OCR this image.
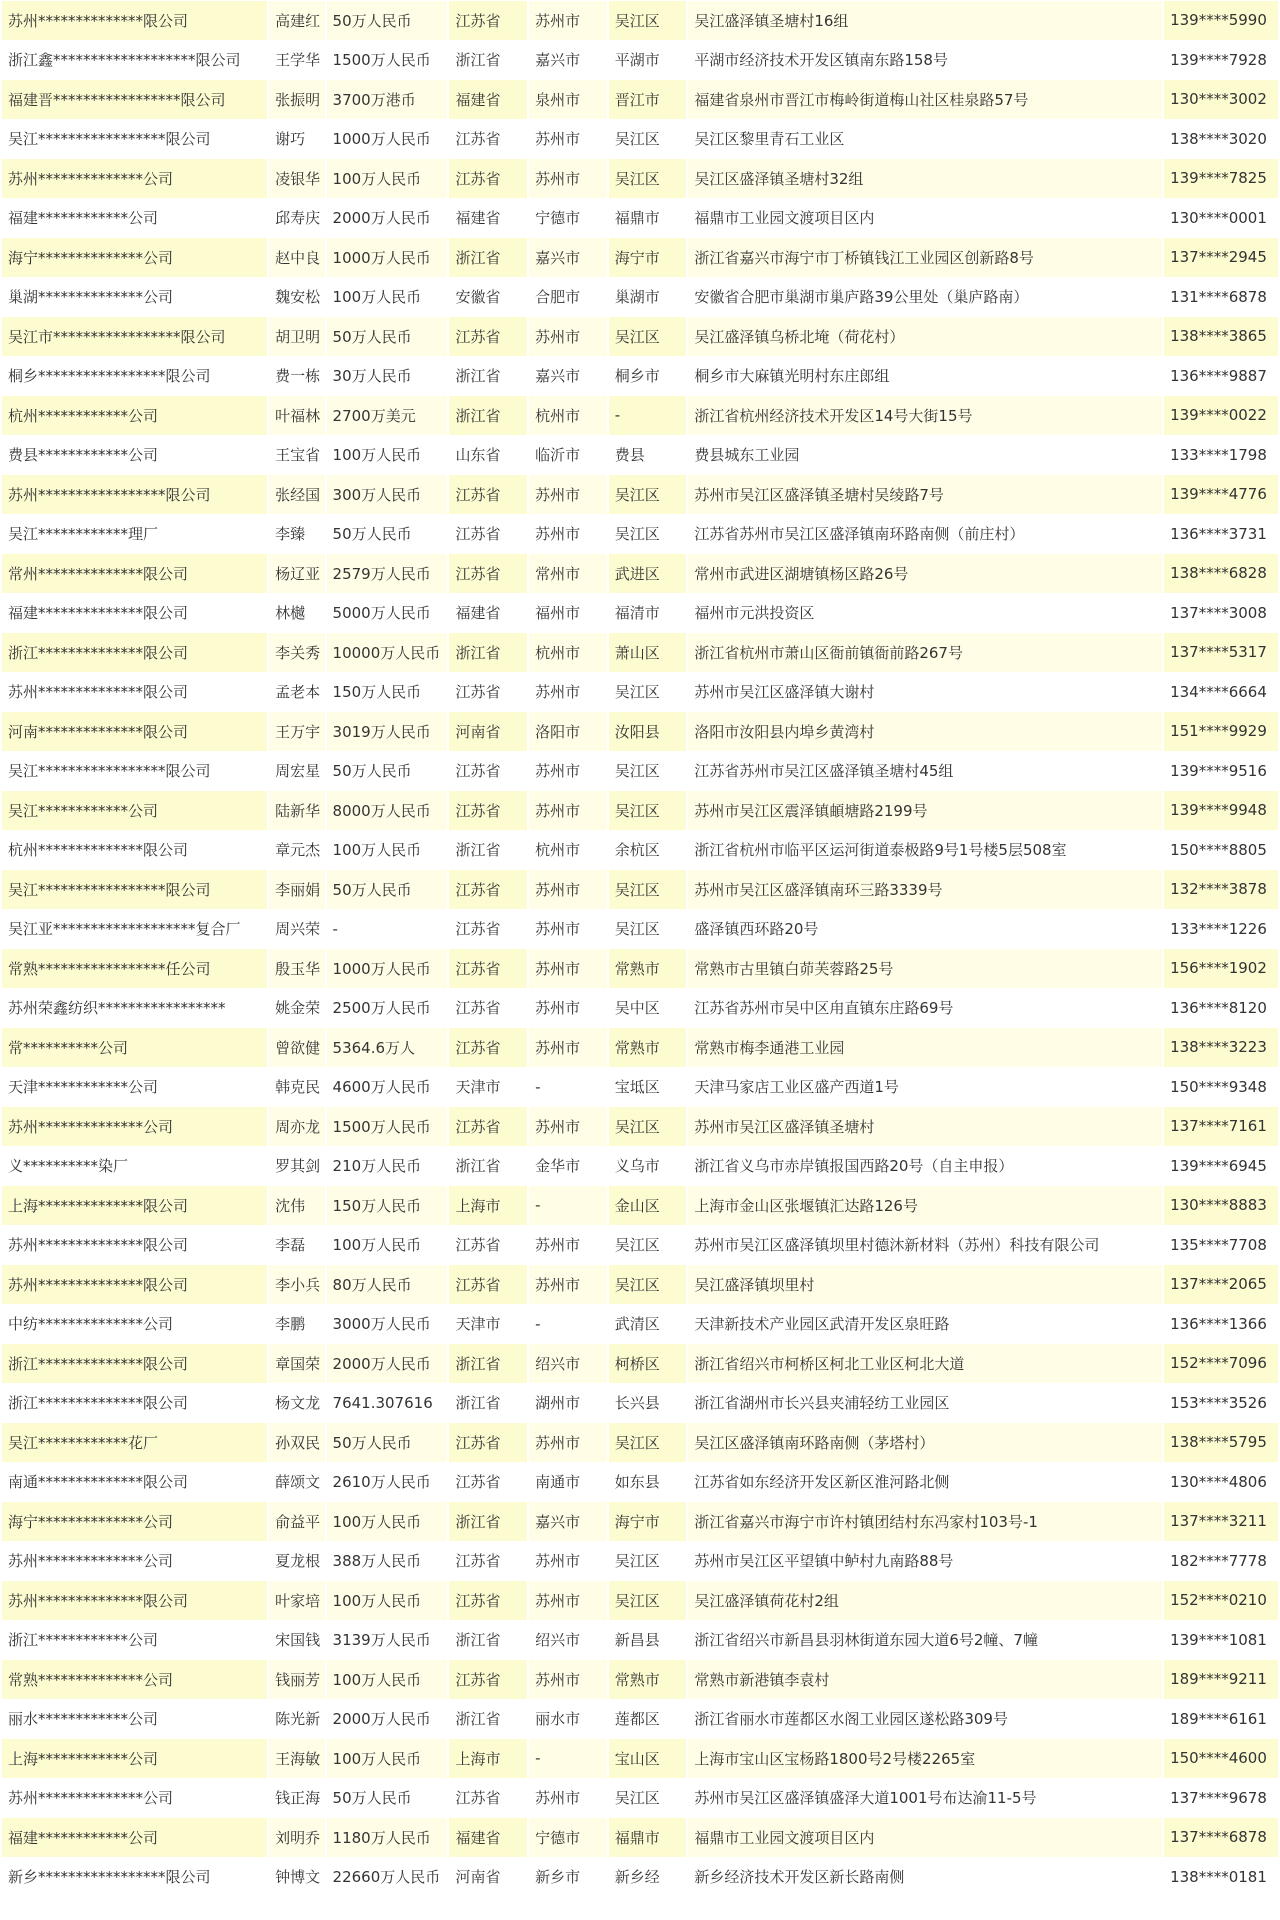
苏州**************限公司	高建红	50万人民币	江苏省	苏州市	吴江区	吴江盛泽镇圣塘村16组	139****5990
浙江鑫*******************限公司	王学华	1500万人民币	浙江省	嘉兴市	平湖市	平湖市经济技术开发区镇南东路158号	139****7928
福建晋*****************限公司	张振明	3700万港币	福建省	泉州市	晋江市	福建省泉州市晋江市梅岭街道梅山社区桂泉路57号	130****3002
吴江*****************限公司	谢巧	1000万人民币	江苏省	苏州市	吴江区	吴江区黎里青石工业区	138****3020
苏州**************公司	凌银华	100万人民币	江苏省	苏州市	吴江区	吴江区盛泽镇圣塘村32组	139****7825
福建************公司	邱寿庆	2000万人民币	福建省	宁德市	福鼎市	福鼎市工业园文渡项目区内	130****0001
海宁**************公司	赵中良	1000万人民币	浙江省	嘉兴市	海宁市	浙江省嘉兴市海宁市丁桥镇钱江工业园区创新路8号	137****2945
巢湖**************公司	魏安松	100万人民币	安徽省	合肥市	巢湖市	安徽省合肥市巢湖市巢庐路39公里处（巢庐路南）	131****6878
吴江市*****************限公司	胡卫明	50万人民币	江苏省	苏州市	吴江区	吴江盛泽镇乌桥北埯（荷花村）	138****3865
桐乡*****************限公司	费一栋	30万人民币	浙江省	嘉兴市	桐乡市	桐乡市大麻镇光明村东庄郎组	136****9887
杭州************公司	叶福林	2700万美元	浙江省	杭州市	-	浙江省杭州经济技术开发区14号大街15号	139****0022
费县************公司	王宝省	100万人民币	山东省	临沂市	费县	费县城东工业园	133****1798
苏州*****************限公司	张经国	300万人民币	江苏省	苏州市	吴江区	苏州市吴江区盛泽镇圣塘村吴绫路7号	139****4776
吴江************理厂	李臻	50万人民币	江苏省	苏州市	吴江区	江苏省苏州市吴江区盛泽镇南环路南侧（前庄村）	136****3731
常州**************限公司	杨辽亚	2579万人民币	江苏省	常州市	武进区	常州市武进区湖塘镇杨区路26号	138****6828
福建**************限公司	林樾	5000万人民币	福建省	福州市	福清市	福州市元洪投资区	137****3008
浙江**************限公司	李关秀	10000万人民币	浙江省	杭州市	萧山区	浙江省杭州市萧山区衙前镇衙前路267号	137****5317
苏州**************限公司	孟老本	150万人民币	江苏省	苏州市	吴江区	苏州市吴江区盛泽镇大谢村	134****6664
河南**************限公司	王万宇	3019万人民币	河南省	洛阳市	汝阳县	洛阳市汝阳县内埠乡黄湾村	151****9929
吴江*****************限公司	周宏星	50万人民币	江苏省	苏州市	吴江区	江苏省苏州市吴江区盛泽镇圣塘村45组	139****9516
吴江************公司	陆新华	8000万人民币	江苏省	苏州市	吴江区	苏州市吴江区震泽镇頔塘路2199号	139****9948
杭州**************限公司	章元杰	100万人民币	浙江省	杭州市	余杭区	浙江省杭州市临平区运河街道泰极路9号1号楼5层508室	150****8805
吴江*****************限公司	李丽娟	50万人民币	江苏省	苏州市	吴江区	苏州市吴江区盛泽镇南环三路3339号	132****3878
吴江亚*******************复合厂	周兴荣	-	江苏省	苏州市	吴江区	盛泽镇西环路20号	133****1226
常熟*****************任公司	殷玉华	1000万人民币	江苏省	苏州市	常熟市	常熟市古里镇白茆芙蓉路25号	156****1902
苏州荣鑫纺织*****************	姚金荣	2500万人民币	江苏省	苏州市	吴中区	江苏省苏州市吴中区甪直镇东庄路69号	136****8120
常**********公司	曾欲健	5364.6万人	江苏省	苏州市	常熟市	常熟市梅李通港工业园	138****3223
天津************公司	韩克民	4600万人民币	天津市	-	宝坻区	天津马家店工业区盛产西道1号	150****9348
苏州**************公司	周亦龙	1500万人民币	江苏省	苏州市	吴江区	苏州市吴江区盛泽镇圣塘村	137****7161
义**********染厂	罗其剑	210万人民币	浙江省	金华市	义乌市	浙江省义乌市赤岸镇报国西路20号（自主申报）	139****6945
上海**************限公司	沈伟	150万人民币	上海市	-	金山区	上海市金山区张堰镇汇达路126号	130****8883
苏州**************限公司	李磊	100万人民币	江苏省	苏州市	吴江区	苏州市吴江区盛泽镇坝里村德沐新材料（苏州）科技有限公司	135****7708
苏州**************限公司	李小兵	80万人民币	江苏省	苏州市	吴江区	吴江盛泽镇坝里村	137****2065
中纺**************公司	李鹏	3000万人民币	天津市	-	武清区	天津新技术产业园区武清开发区泉旺路	136****1366
浙江**************限公司	章国荣	2000万人民币	浙江省	绍兴市	柯桥区	浙江省绍兴市柯桥区柯北工业区柯北大道	152****7096
浙江**************限公司	杨文龙	7641.307616	浙江省	湖州市	长兴县	浙江省湖州市长兴县夹浦轻纺工业园区	153****3526
吴江************花厂	孙双民	50万人民币	江苏省	苏州市	吴江区	吴江区盛泽镇南环路南侧（茅塔村）	138****5795
南通**************限公司	薛颂文	2610万人民币	江苏省	南通市	如东县	江苏省如东经济开发区新区淮河路北侧	130****4806
海宁**************公司	俞益平	100万人民币	浙江省	嘉兴市	海宁市	浙江省嘉兴市海宁市许村镇团结村东冯家村103号-1	137****3211
苏州**************公司	夏龙根	388万人民币	江苏省	苏州市	吴江区	苏州市吴江区平望镇中鲈村九南路88号	182****7778
苏州**************限公司	叶家培	100万人民币	江苏省	苏州市	吴江区	吴江盛泽镇荷花村2组	152****0210
浙江************公司	宋国钱	3139万人民币	浙江省	绍兴市	新昌县	浙江省绍兴市新昌县羽林街道东园大道6号2幢、7幢	139****1081
常熟**************公司	钱丽芳	100万人民币	江苏省	苏州市	常熟市	常熟市新港镇李袁村	189****9211
丽水************公司	陈光新	2000万人民币	浙江省	丽水市	莲都区	浙江省丽水市莲都区水阁工业园区遂松路309号	189****6161
上海************公司	王海敏	100万人民币	上海市	-	宝山区	上海市宝山区宝杨路1800号2号楼2265室	150****4600
苏州**************公司	钱正海	50万人民币	江苏省	苏州市	吴江区	苏州市吴江区盛泽镇盛泽大道1001号布达渝11-5号	137****9678
福建************公司	刘明乔	1180万人民币	福建省	宁德市	福鼎市	福鼎市工业园文渡项目区内	137****6878
新乡*****************限公司	钟博文	22660万人民币	河南省	新乡市	新乡经	新乡经济技术开发区新长路南侧	138****0181
